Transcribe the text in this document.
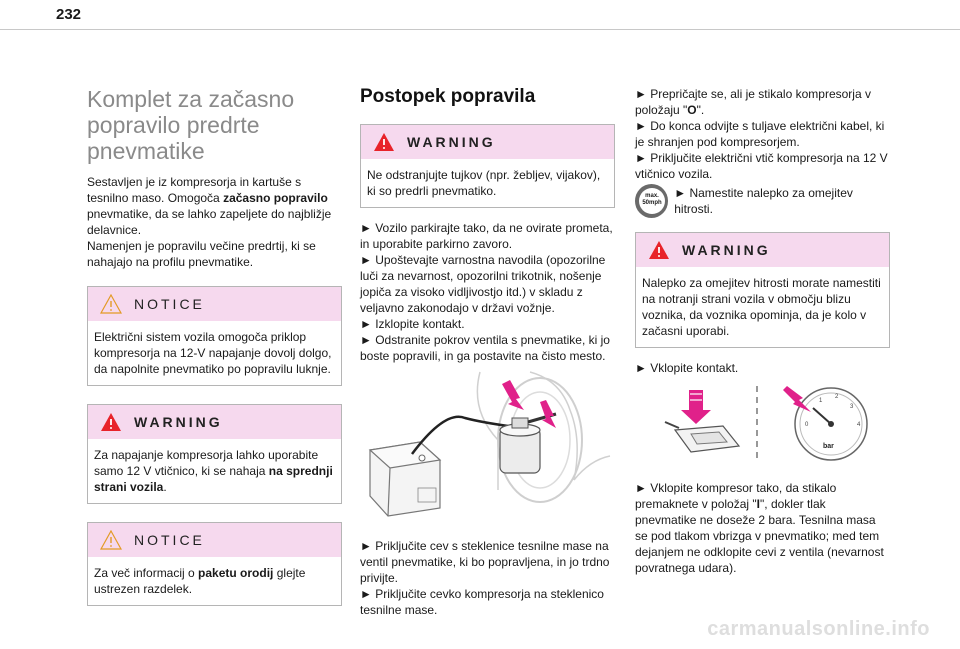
232
Komplet za začasno popravilo predrte pnevmatike

Sestavljen je iz kompresorja in kartuše s tesnilno maso. Omogoča začasno popravilo pnevmatike, da se lahko zapeljete do najbližje delavnice.
Namenjen je popravilu večine predrtij, ki se nahajajo na profilu pnevmatike.

NOTICE
Električni sistem vozila omogoča priklop kompresorja na 12-V napajanje dovolj dolgo, da napolnite pnevmatiko po popravilu luknje.
WARNING
Za napajanje kompresorja lahko uporabite samo 12 V vtičnico, ki se nahaja na sprednji strani vozila.
NOTICE
Za več informacij o paketu orodij glejte ustrezen razdelek.
Postopek popravila
WARNING
Ne odstranjujte tujkov (npr. žebljev, vijakov), ki so predrli pnevmatiko.

► Vozilo parkirajte tako, da ne ovirate prometa, in uporabite parkirno zavoro.
► Upoštevajte varnostna navodila (opozorilne luči za nevarnost, opozorilni trikotnik, nošenje jopiča za visoko vidljivostjo itd.) v skladu z veljavno zakonodajo v državi vožnje.
► Izklopite kontakt.
► Odstranite pokrov ventila s pnevmatike, ki jo boste popravili, in ga postavite na čisto mesto.

► Priključite cev s steklenice tesnilne mase na ventil pnevmatike, ki bo popravljena, in jo trdno privijte.
► Priključite cevko kompresorja na steklenico tesnilne mase.

► Prepričajte se, ali je stikalo kompresorja v položaju "O".
► Do konca odvijte s tuljave električni kabel, ki je shranjen pod kompresorjem.
► Priključite električni vtič kompresorja na 12 V vtičnico vozila.

max.
50mph
► Namestite nalepko za omejitev hitrosti.
WARNING
Nalepko za omejitev hitrosti morate namestiti na notranji strani vozila v območju blizu voznika, da voznika opominja, da je kolo v začasni uporabi.

► Vklopite kontakt.

1
2
3
4
0
bar

► Vklopite kompresor tako, da stikalo premaknete v položaj "I", dokler tlak pnevmatike ne doseže 2 bara. Tesnilna masa se pod tlakom vbrizga v pnevmatiko; med tem dejanjem ne odklopite cevi z ventila (nevarnost povratnega udara).

carmanualsonline.info
